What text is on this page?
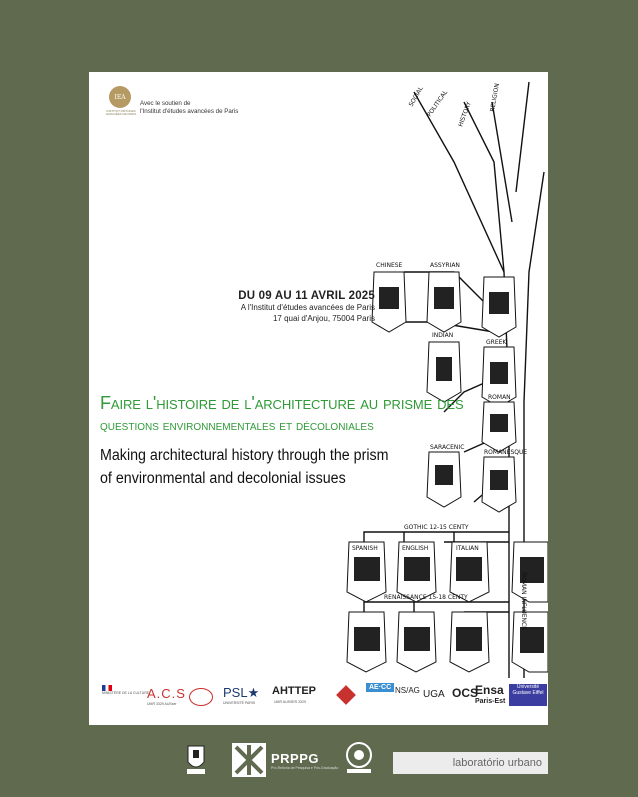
IEA
INSTITUT D'ÉTUDES AVANCÉES DE PARIS
Avec le soutien de
l'Institut d'études avancées de Paris	HISTORY
SOCIAL POLITICAL	RELIGION
CHINESE	ASSYRIAN
INDIAN
GREEK
ROMAN
SARACENIC
ROMANESQUE
GOTHIC 12-15 CENTY
SPANISH	ENGLISH	ITALIAN
RENAISSANCE 15-18 CENTY	ROMAN INFLUENCE
DU 09 AU 11 AVRIL 2025
A l'Institut d'études avancées de Paris
17 quai d'Anjou, 75004 Paris
Faire l'histoire de l'architecture au prisme des
questions environnementales et décoloniales
Making architectural history through the prism
of environmental and decolonial issues
MINISTÈRE DE LA CULTURE
A.C.S
UMR 3329 AUSser
PSL★
UNIVERSITÉ PARIS
AHTTEP
UMR AUSSER 3329
AE·CC NS/AG UGA OCS
Ensa
Paris-Est
Université Gustave Eiffel
PRPPG
Pró-Reitoria de Pesquisa e Pós-Graduação	laboratório urbano
